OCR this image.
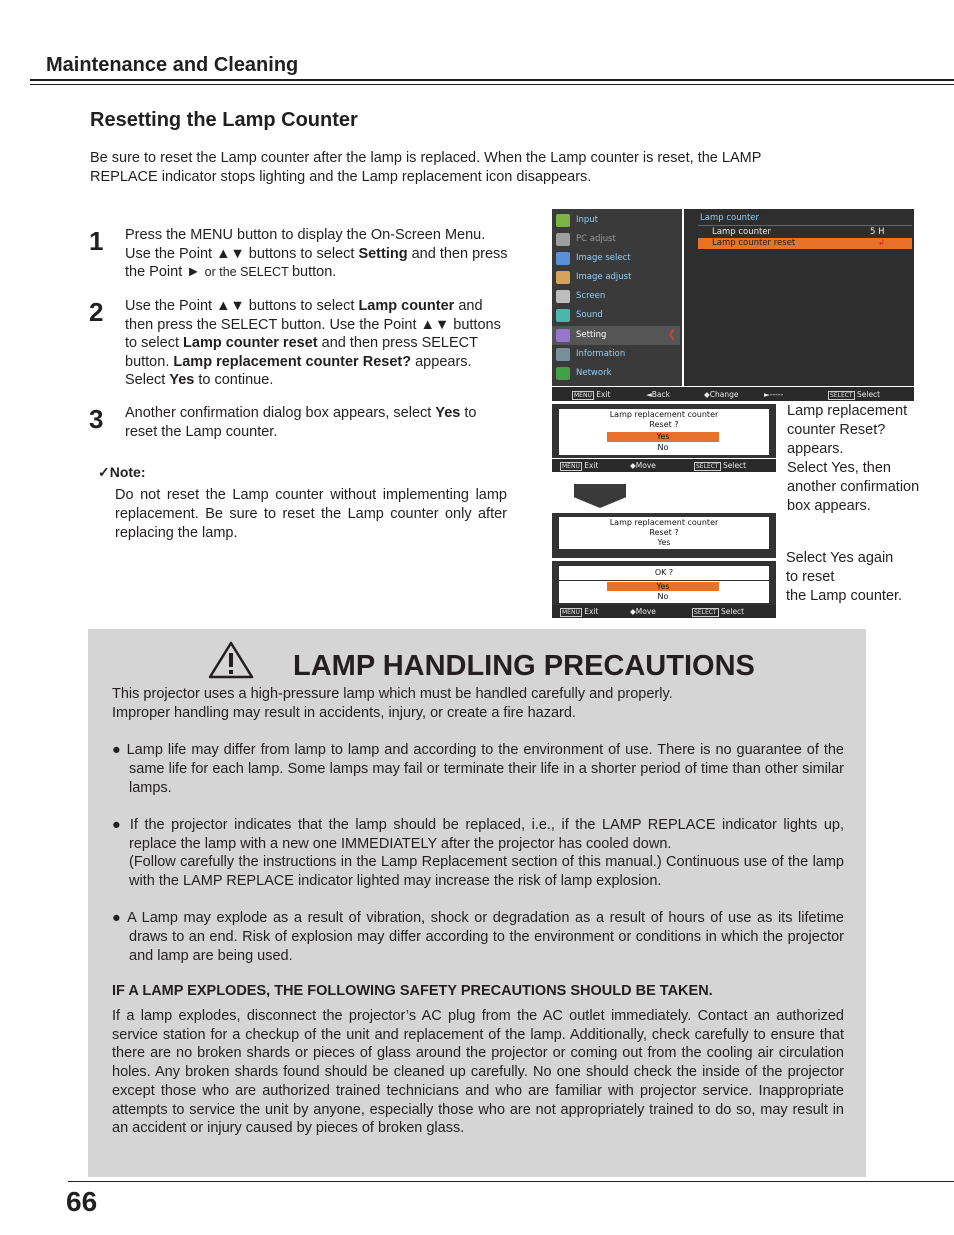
Maintenance and Cleaning
Resetting the Lamp Counter

Be sure to reset the Lamp counter after the lamp is replaced. When the Lamp counter is reset, the LAMP REPLACE indicator stops lighting and the Lamp replacement icon disappears.

1 Press the MENU button to display the On-Screen Menu. Use the Point ▲▼ buttons to select Setting and then press the Point ► or the SELECT button.

2 Use the Point ▲▼ buttons to select Lamp counter and then press the SELECT button. Use the Point ▲▼ buttons to select Lamp counter reset and then press SELECT button. Lamp replacement counter Reset? appears. Select Yes to continue.

3 Another confirmation dialog box appears, select Yes to reset the Lamp counter.

✓Note:

Do not reset the Lamp counter without implementing lamp replacement. Be sure to reset the Lamp counter only after replacing the lamp.

Input
PC adjust
Image select
Image adjust
Screen
Sound
Setting	❮
Information
Network
Lamp counter
Lamp counter	5 H
Lamp counter reset	↲
MENU Exit	◄Back	◆Change	►-----	SELECT Select
Lamp replacement counter
Reset ?
Yes
No
MENU Exit	◆Move	SELECT Select
Lamp replacement counter
Reset ?
Yes
OK ?
Yes
No
MENU Exit	◆Move	SELECT Select
Lamp replacement
counter Reset?
appears.
Select Yes, then
another confirmation
box appears.
Select Yes again
to reset
the Lamp counter.
LAMP HANDLING PRECAUTIONS

This projector uses a high-pressure lamp which must be handled carefully and properly.

Improper handling may result in accidents, injury, or create a fire hazard.

● Lamp life may differ from lamp to lamp and according to the environment of use. There is no guarantee of the same life for each lamp. Some lamps may fail or terminate their life in a shorter period of time than other similar lamps.

● If the projector indicates that the lamp should be replaced, i.e., if the LAMP REPLACE indicator lights up, replace the lamp with a new one IMMEDIATELY after the projector has cooled down.

(Follow carefully the instructions in the Lamp Replacement section of this manual.) Continuous use of the lamp with the LAMP REPLACE indicator lighted may increase the risk of lamp explosion.

● A Lamp may explode as a result of vibration, shock or degradation as a result of hours of use as its lifetime draws to an end. Risk of explosion may differ according to the environment or conditions in which the projector and lamp are being used.

IF A LAMP EXPLODES, THE FOLLOWING SAFETY PRECAUTIONS SHOULD BE TAKEN.

If a lamp explodes, disconnect the projector’s AC plug from the AC outlet immediately. Contact an authorized service station for a checkup of the unit and replacement of the lamp. Additionally, check carefully to ensure that there are no broken shards or pieces of glass around the projector or coming out from the cooling air circulation holes. Any broken shards found should be cleaned up carefully. No one should check the inside of the projector except those who are authorized trained technicians and who are familiar with projector service. Inappropriate attempts to service the unit by anyone, especially those who are not appropriately trained to do so, may result in an accident or injury caused by pieces of broken glass.

66
